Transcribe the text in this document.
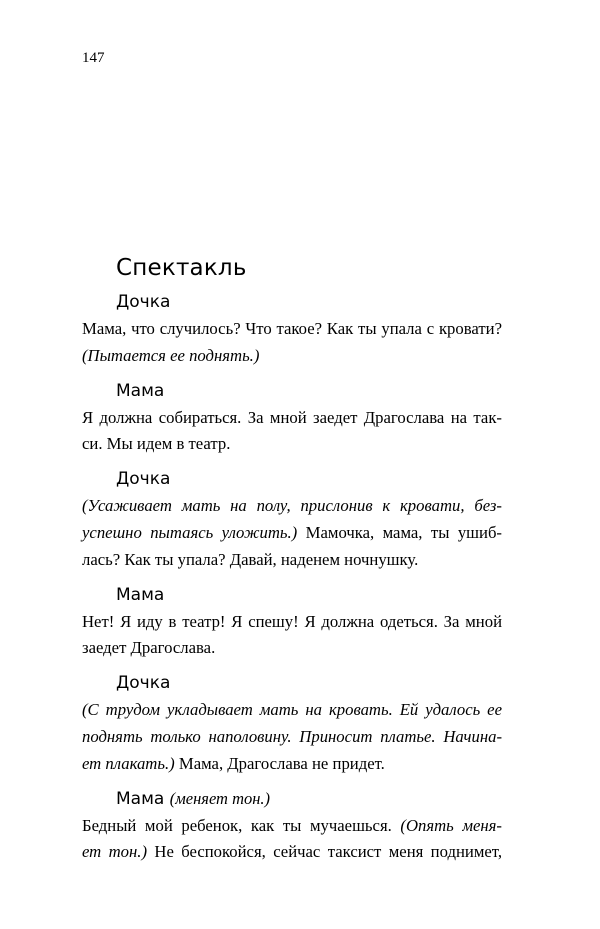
147
Спектакль
Дочка
Мама, что случилось? Что такое? Как ты упала с кровати?
(Пытается ее поднять.)
Мама
Я должна собираться. За мной заедет Драгослава на так-
си. Мы идем в театр.
Дочка
(Усаживает мать на полу, прислонив к кровати, без-
успешно пытаясь уложить.) Мамочка, мама, ты ушиб-
лась? Как ты упала? Давай, наденем ночнушку.
Мама
Нет! Я иду в театр! Я спешу! Я должна одеться. За мной
заедет Драгослава.
Дочка
(С трудом укладывает мать на кровать. Ей удалось ее
поднять только наполовину. Приносит платье. Начина-
ет плакать.) Мама, Драгослава не придет.
Мама (меняет тон.)
Бедный мой ребенок, как ты мучаешься. (Опять меня-
ет тон.) Не беспокойся, сейчас таксист меня поднимет,
